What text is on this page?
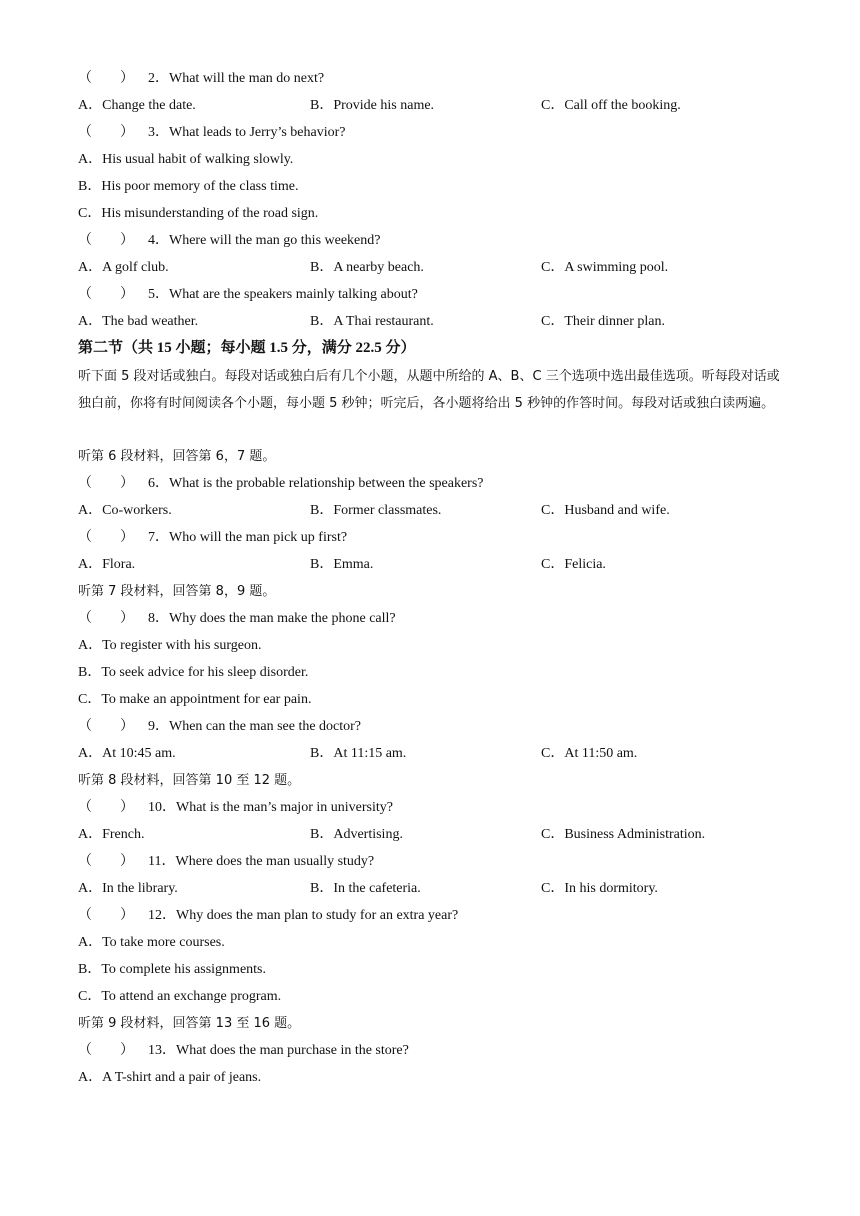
（　　） 2．What will the man do next?
A．Change the date.	B．Provide his name.	C．Call off the booking.
（　　） 3．What leads to Jerry’s behavior?
A．His usual habit of walking slowly.
B．His poor memory of the class time.
C．His misunderstanding of the road sign.
（　　） 4．Where will the man go this weekend?
A．A golf club.	B．A nearby beach.	C．A swimming pool.
（　　） 5．What are the speakers mainly talking about?
A．The bad weather.	B．A Thai restaurant.	C．Their dinner plan.
第二节（共 15 小题；每小题 1.5 分，满分 22.5 分）
听下面 5 段对话或独白。每段对话或独白后有几个小题，从题中所给的 A、B、C 三个选项中选出最佳选项。听每段对话或独白前，你将有时间阅读各个小题，每小题 5 秒钟；听完后，各小题将给出 5 秒钟的作答时间。每段对话或独白读两遍。
听第 6 段材料，回答第 6，7 题。
（　　） 6．What is the probable relationship between the speakers?
A．Co-workers.	B．Former classmates.	C．Husband and wife.
（　　） 7．Who will the man pick up first?
A．Flora.	B．Emma.	C．Felicia.
听第 7 段材料，回答第 8，9 题。
（　　） 8．Why does the man make the phone call?
A．To register with his surgeon.
B．To seek advice for his sleep disorder.
C．To make an appointment for ear pain.
（　　） 9．When can the man see the doctor?
A．At 10:45 am.	B．At 11:15 am.	C．At 11:50 am.
听第 8 段材料，回答第 10 至 12 题。
（　　） 10．What is the man’s major in university?
A．French.	B．Advertising.	C．Business Administration.
（　　） 11．Where does the man usually study?
A．In the library.	B．In the cafeteria.	C．In his dormitory.
（　　） 12．Why does the man plan to study for an extra year?
A．To take more courses.
B．To complete his assignments.
C．To attend an exchange program.
听第 9 段材料，回答第 13 至 16 题。
（　　） 13．What does the man purchase in the store?
A．A T-shirt and a pair of jeans.
